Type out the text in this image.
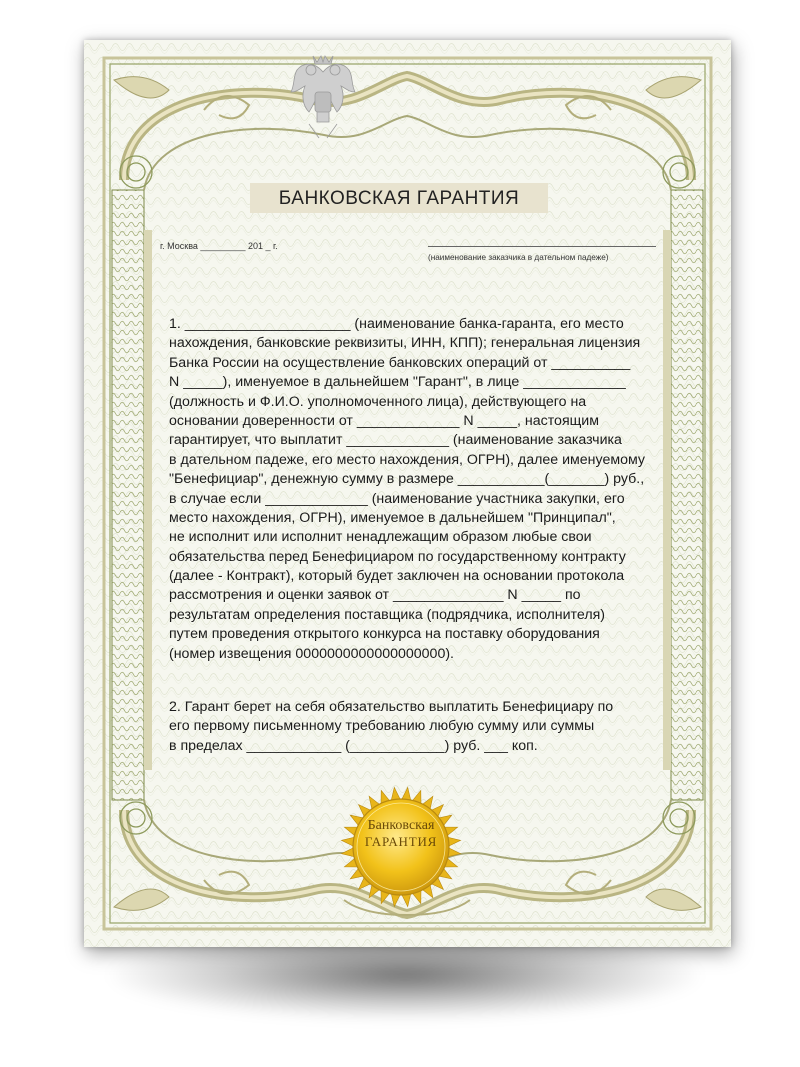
БАНКОВСКАЯ ГАРАНТИЯ
г. Москва _________ 201 _ г.
(наименование заказчика в дательном падеже)
1. _____________________ (наименование банка-гаранта, его место
нахождения, банковские реквизиты, ИНН, КПП); генеральная лицензия
Банка России на осуществление банковских операций от __________
N _____), именуемое в дальнейшем "Гарант", в лице _____________
(должность и Ф.И.О. уполномоченного лица), действующего на
основании доверенности от _____________ N _____, настоящим
гарантирует, что выплатит _____________ (наименование заказчика
в дательном падеже, его место нахождения, ОГРН), далее именуемому
"Бенефициар", денежную сумму в размере ___________(_______) руб.,
в случае если _____________ (наименование участника закупки, его
место нахождения, ОГРН), именуемое в дальнейшем "Принципал",
не исполнит или исполнит ненадлежащим образом любые свои
обязательства перед Бенефициаром по государственному контракту
(далее - Контракт), который будет заключен на основании протокола
рассмотрения и оценки заявок от ______________ N _____ по
результатам определения поставщика (подрядчика, исполнителя)
путем проведения открытого конкурса на поставку оборудования
(номер извещения 0000000000000000000).
2. Гарант берет на себя обязательство выплатить Бенефициару по
его первому письменному требованию любую сумму или суммы
в пределах ____________ (____________) руб. ___ коп.
Банковская
ГАРАНТИЯ
